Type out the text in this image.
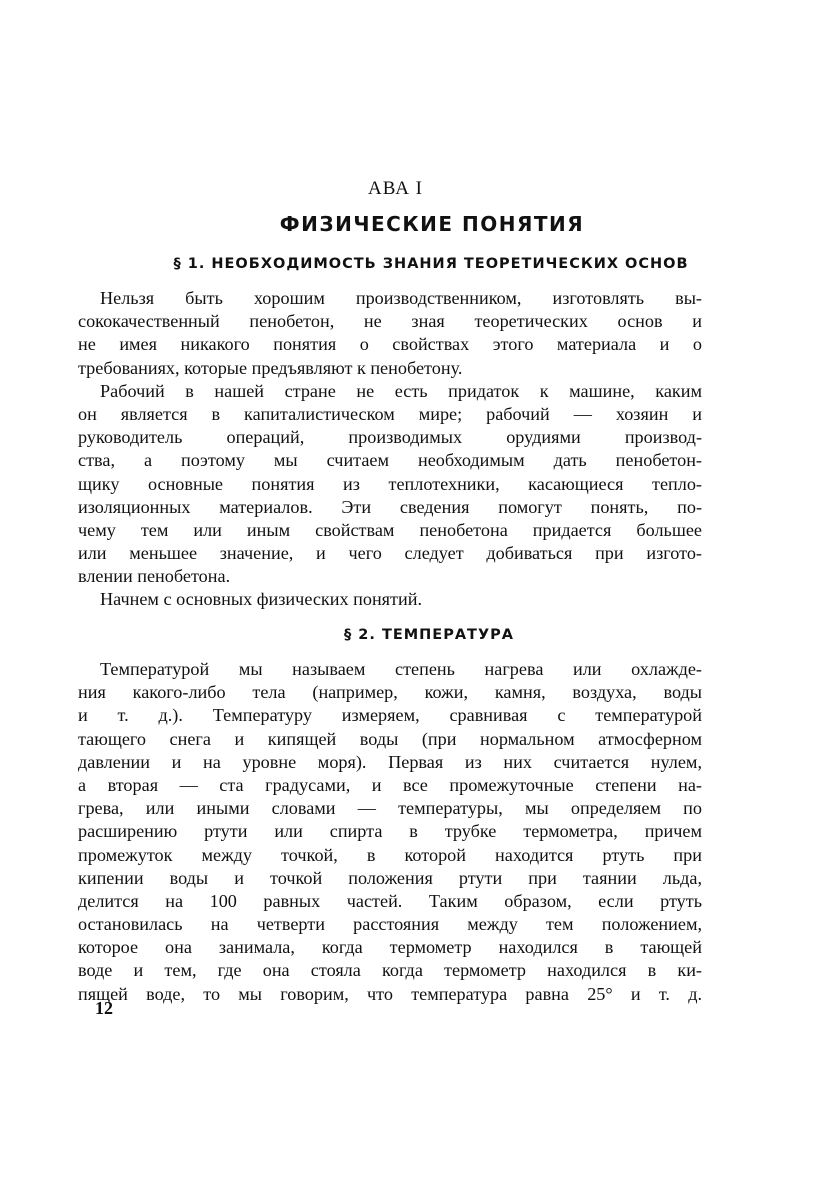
АВА I
ФИЗИЧЕСКИЕ ПОНЯТИЯ
§ 1. НЕОБХОДИМОСТЬ ЗНАНИЯ ТЕОРЕТИЧЕСКИХ ОСНОВ
Нельзя быть хорошим производственником, изготовлять вы-
сококачественный пенобетон, не зная теоретических основ и
не имея никакого понятия о свойствах этого материала и о
требованиях, которые предъявляют к пенобетону.
Рабочий в нашей стране не есть придаток к машине, каким
он является в капиталистическом мире; рабочий — хозяин и
руководитель операций, производимых орудиями производ-
ства, а поэтому мы считаем необходимым дать пенобетон-
щику основные понятия из теплотехники, касающиеся тепло-
изоляционных материалов. Эти сведения помогут понять, по-
чему тем или иным свойствам пенобетона придается большее
или меньшее значение, и чего следует добиваться при изгото-
влении пенобетона.
Начнем с основных физических понятий.
§ 2. ТЕМПЕРАТУРА
Температурой мы называем степень нагрева или охлажде-
ния какого-либо тела (например, кожи, камня, воздуха, воды
и т. д.). Температуру измеряем, сравнивая с температурой
тающего снега и кипящей воды (при нормальном атмосферном
давлении и на уровне моря). Первая из них считается нулем,
а вторая — ста градусами, и все промежуточные степени на-
грева, или иными словами — температуры, мы определяем по
расширению ртути или спирта в трубке термометра, причем
промежуток между точкой, в которой находится ртуть при
кипении воды и точкой положения ртути при таянии льда,
делится на 100 равных частей. Таким образом, если ртуть
остановилась на четверти расстояния между тем положением,
которое она занимала, когда термометр находился в тающей
воде и тем, где она стояла когда термометр находился в ки-
пящей воде, то мы говорим, что температура равна 25° и т. д.
12
